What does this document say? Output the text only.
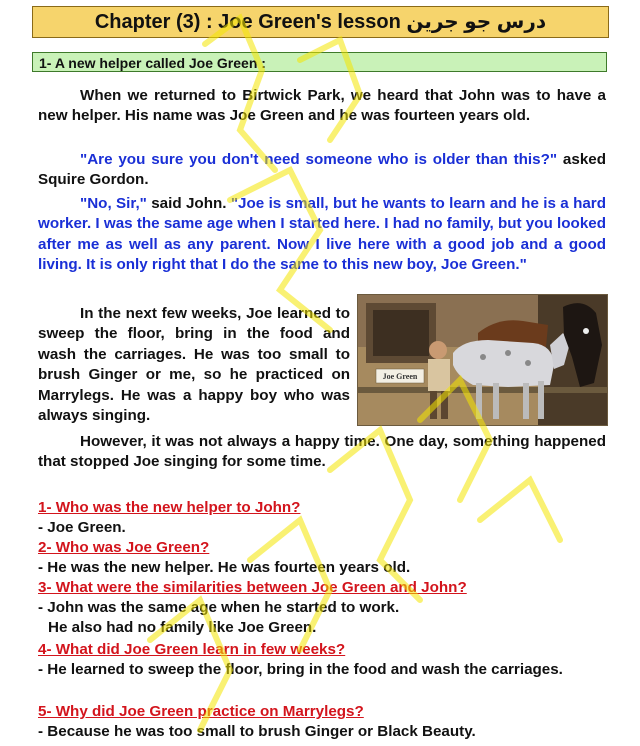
Chapter (3) : Joe Green's lesson درس جو جرين
1- A new helper called Joe Green :

When we returned to Birtwick Park, we heard that John was to have a new helper. His name was Joe Green and he was fourteen years old.

"Are you sure you don't need someone who is older than this?" asked Squire Gordon.

"No, Sir," said John. "Joe is small, but he wants to learn and he is a hard worker. I was the same age when I started here. I had no family, but you looked after me as well as any parent. Now I live here with a good job and a good living. It is only right that I do the same to this new boy, Joe Green."

In the next few weeks, Joe learned to sweep the floor, bring in the food and wash the carriages. He was too small to brush Ginger or me, so he practiced on Marrylegs. He was a happy boy who was always singing.

Joe Green

However, it was not always a happy time. One day, something happened that stopped Joe singing for some time.

1- Who was the new helper to John?

- Joe Green.

2- Who was Joe Green?

- He was the new helper. He was fourteen years old.

3- What were the similarities between Joe Green and John?

- John was the same age when he started to work.

He also had no family like Joe Green.

4- What did Joe Green learn in few weeks?

- He learned to sweep the floor, bring in the food and wash the carriages.

5- Why did Joe Green practice on Marrylegs?

- Because he was too small to brush Ginger or Black Beauty.
